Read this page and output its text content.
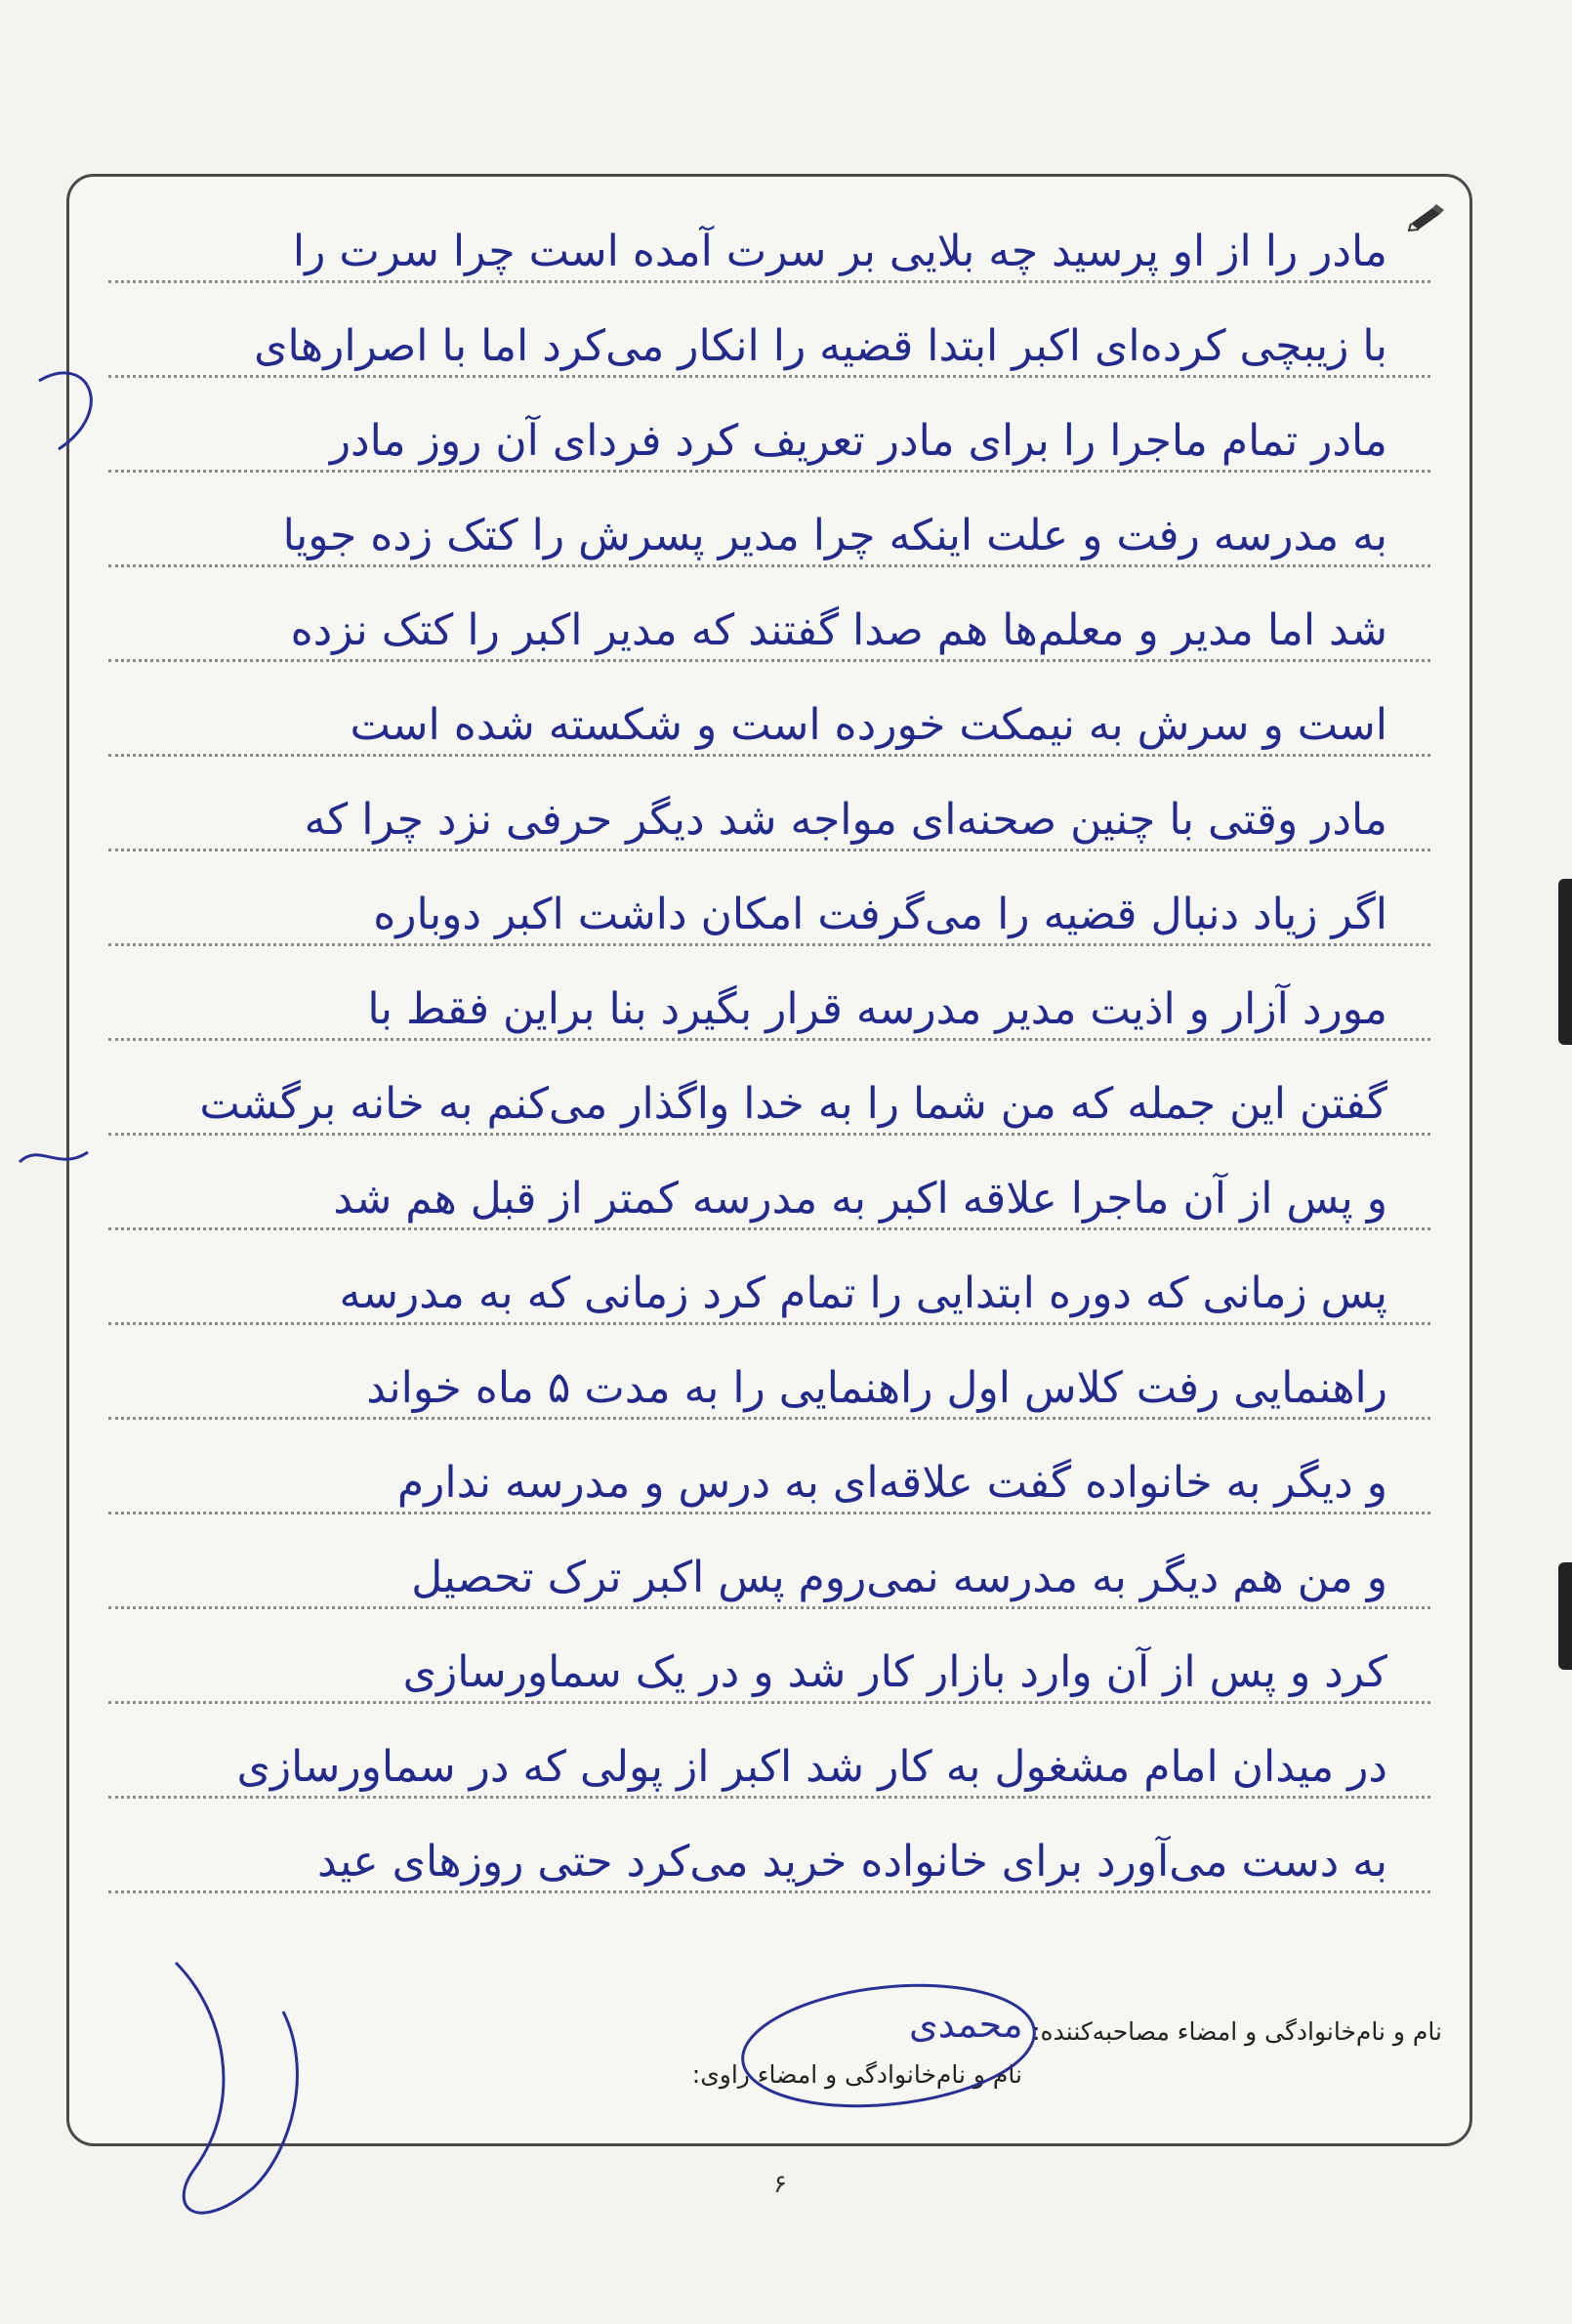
مادر را از او پرسید چه بلایی بر سرت آمده است چرا سرت را
با زیبچی کرده‌ای اکبر ابتدا قضیه را انکار می‌کرد اما با اصرار‌های
مادر تمام ماجرا را برای مادر تعریف کرد فردای آن روز مادر
به مدرسه رفت و علت اینکه چرا مدیر پسرش را کتک زده جویا
شد اما مدیر و معلم‌ها هم صدا گفتند که مدیر اکبر را کتک نزده
است و سرش به نیمکت خورده است و شکسته شده است
مادر وقتی با چنین صحنه‌ای مواجه شد دیگر حرفی نزد چرا که
اگر زیاد دنبال قضیه را می‌گرفت امکان داشت اکبر دوباره
مورد آزار و اذیت مدیر مدرسه قرار بگیرد بنا براین فقط با
گفتن این جمله که من شما را به خدا واگذار می‌کنم به خانه برگشت
و پس از آن ماجرا علاقه اکبر به مدرسه کمتر از قبل هم شد
پس زمانی که دوره ابتدایی را تمام کرد زمانی که به مدرسه
راهنمایی رفت کلاس اول راهنمایی را به مدت ۵ ماه خواند
و دیگر به خانواده گفت علاقه‌ای به درس و مدرسه ندارم
و من هم دیگر به مدرسه نمی‌روم پس اکبر ترک تحصیل
کرد و پس از آن وارد بازار کار شد و در یک سماورسازی
در میدان امام مشغول به کار شد اکبر از پولی که در سماورسازی
به دست می‌آورد برای خانواده خرید می‌کرد حتی روزهای عید
نام و نام‌خانوادگی و امضاء مصاحبه‌کننده:
نام و نام‌خانوادگی و امضاء راوی:
محمدی
۶
